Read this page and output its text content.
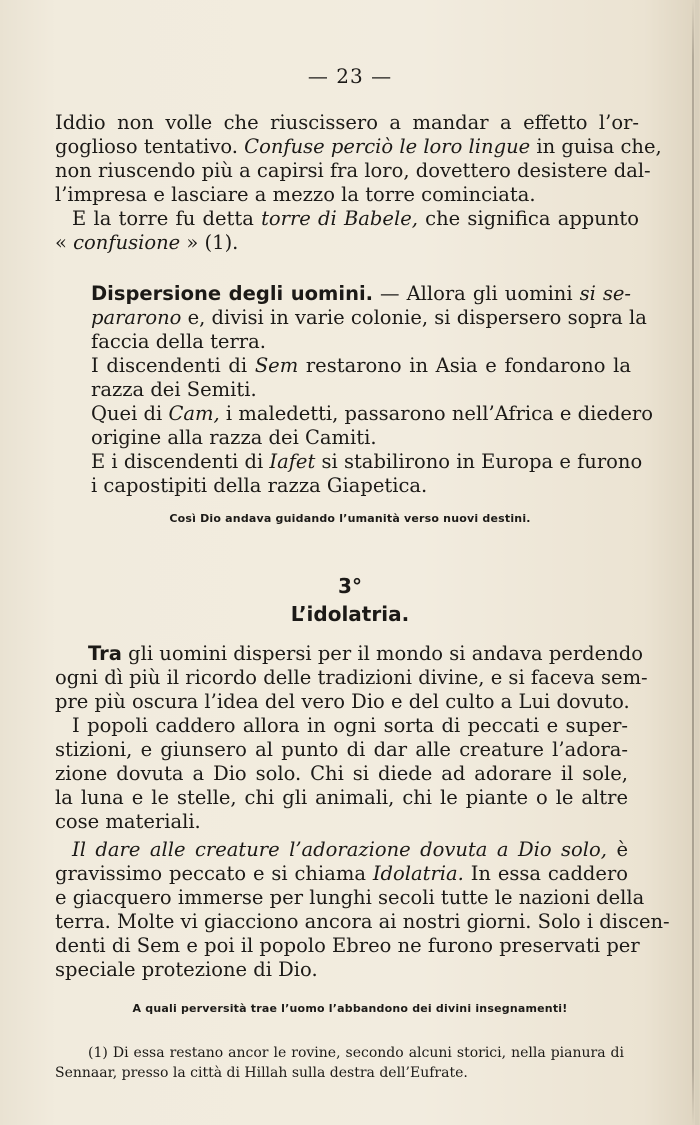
— 23 —
Iddio non volle che riuscissero a mandar a effetto l’or-
goglioso tentativo. Confuse perciò le loro lingue in guisa che,
non riuscendo più a capirsi fra loro, dovettero desistere dal-
l’impresa e lasciare a mezzo la torre cominciata.
E la torre fu detta torre di Babele, che significa appunto
« confusione » (1).
Dispersione degli uomini. — Allora gli uomini si se-
pararono e, divisi in varie colonie, si dispersero sopra la
faccia della terra.
I discendenti di Sem restarono in Asia e fondarono la
razza dei Semiti.
Quei di Cam, i maledetti, passarono nell’Africa e diedero
origine alla razza dei Camiti.
E i discendenti di Iafet si stabilirono in Europa e furono
i capostipiti della razza Giapetica.
Così Dio andava guidando l’umanità verso nuovi destini.
3°
L’idolatria.
Tra gli uomini dispersi per il mondo si andava perdendo
ogni dì più il ricordo delle tradizioni divine, e si faceva sem-
pre più oscura l’idea del vero Dio e del culto a Lui dovuto.
I popoli caddero allora in ogni sorta di peccati e super-
stizioni, e giunsero al punto di dar alle creature l’adora-
zione dovuta a Dio solo. Chi si diede ad adorare il sole,
la luna e le stelle, chi gli animali, chi le piante o le altre
cose materiali.
Il dare alle creature l’adorazione dovuta a Dio solo, è
gravissimo peccato e si chiama Idolatria. In essa caddero
e giacquero immerse per lunghi secoli tutte le nazioni della
terra. Molte vi giacciono ancora ai nostri giorni. Solo i discen-
denti di Sem e poi il popolo Ebreo ne furono preservati per
speciale protezione di Dio.
A quali perversità trae l’uomo l’abbandono dei divini insegnamenti!
(1) Di essa restano ancor le rovine, secondo alcuni storici, nella pianura di
Sennaar, presso la città di Hillah sulla destra dell’Eufrate.
